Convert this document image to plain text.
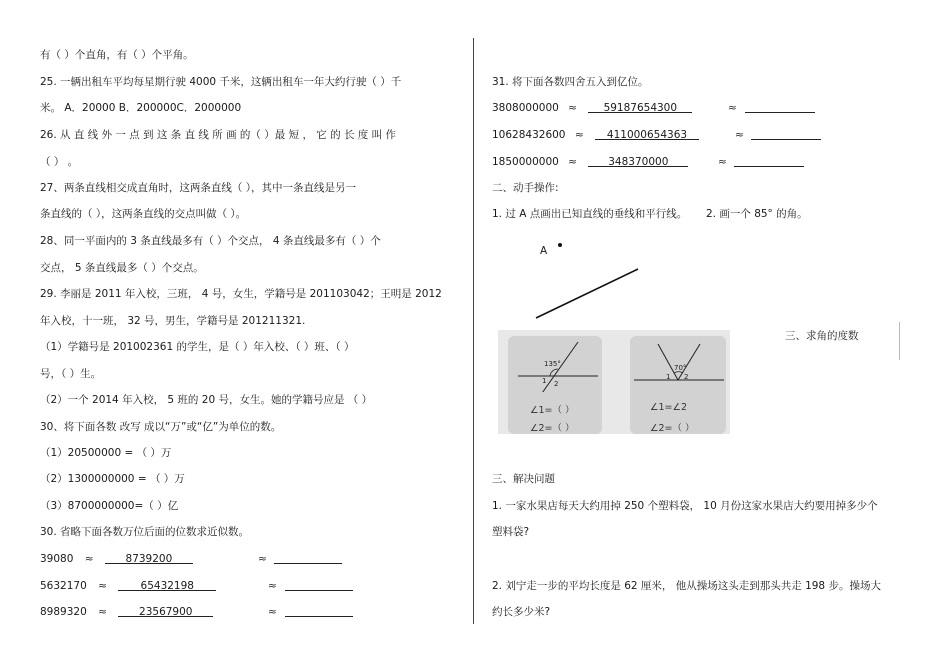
有（ ）个直角，有（ ）个平角。
25. 一辆出租车平均每星期行驶 4000 千米，这辆出租车一年大约行驶（ ）千
米。 A．20000 B．200000C．2000000
26. 从 直 线 外 一 点 到 这 条 直 线 所 画 的（ ）最 短 ， 它 的 长 度 叫 作
（ ） 。
27、两条直线相交成直角时，这两条直线（ ），其中一条直线是另一
条直线的（ ），这两条直线的交点叫做（ ）。
28、同一平面内的 3 条直线最多有（ ）个交点， 4 条直线最多有（ ）个
交点， 5 条直线最多（ ）个交点。
29. 李丽是 2011 年入校，三班， 4 号，女生，学籍号是 201103042；王明是 2012
年入校，十一班， 32 号，男生，学籍号是 201211321.
（1）学籍号是 201002361 的学生，是（ ）年入校、（ ）班、（ ）
号，（ ）生。
（2）一个 2014 年入校， 5 班的 20 号，女生。她的学籍号应是 （ ）
30、将下面各数 改写 成以“万”或“亿”为单位的数。
（1）20500000 = （ ）万
（2）1300000000 = （ ）万
（3）8700000000=（ ）亿
30. 省略下面各数万位后面的位数求近似数。
39080 ≈	8739200	≈
5632170 ≈	65432198	≈
8989320 ≈	23567900	≈
31. 将下面各数四舍五入到亿位。
3808000000 ≈	59187654300	≈
10628432600 ≈ 411000654363	≈
1850000000 ≈	348370000	≈
二、动手操作:
1. 过 A 点画出已知直线的垂线和平行线。 2. 画一个 85° 的角。
A
三、求角的度数
135°
1 2
∠1=（ ）
∠2=（ ）
70°
1 2
∠1=∠2
∠2=（ ）
三、解决问题
1. 一家水果店每天大约用掉 250 个塑料袋， 10 月份这家水果店大约要用掉多少个
塑料袋?
2. 刘宁走一步的平均长度是 62 厘米， 他从操场这头走到那头共走 198 步。操场大
约长多少米?
